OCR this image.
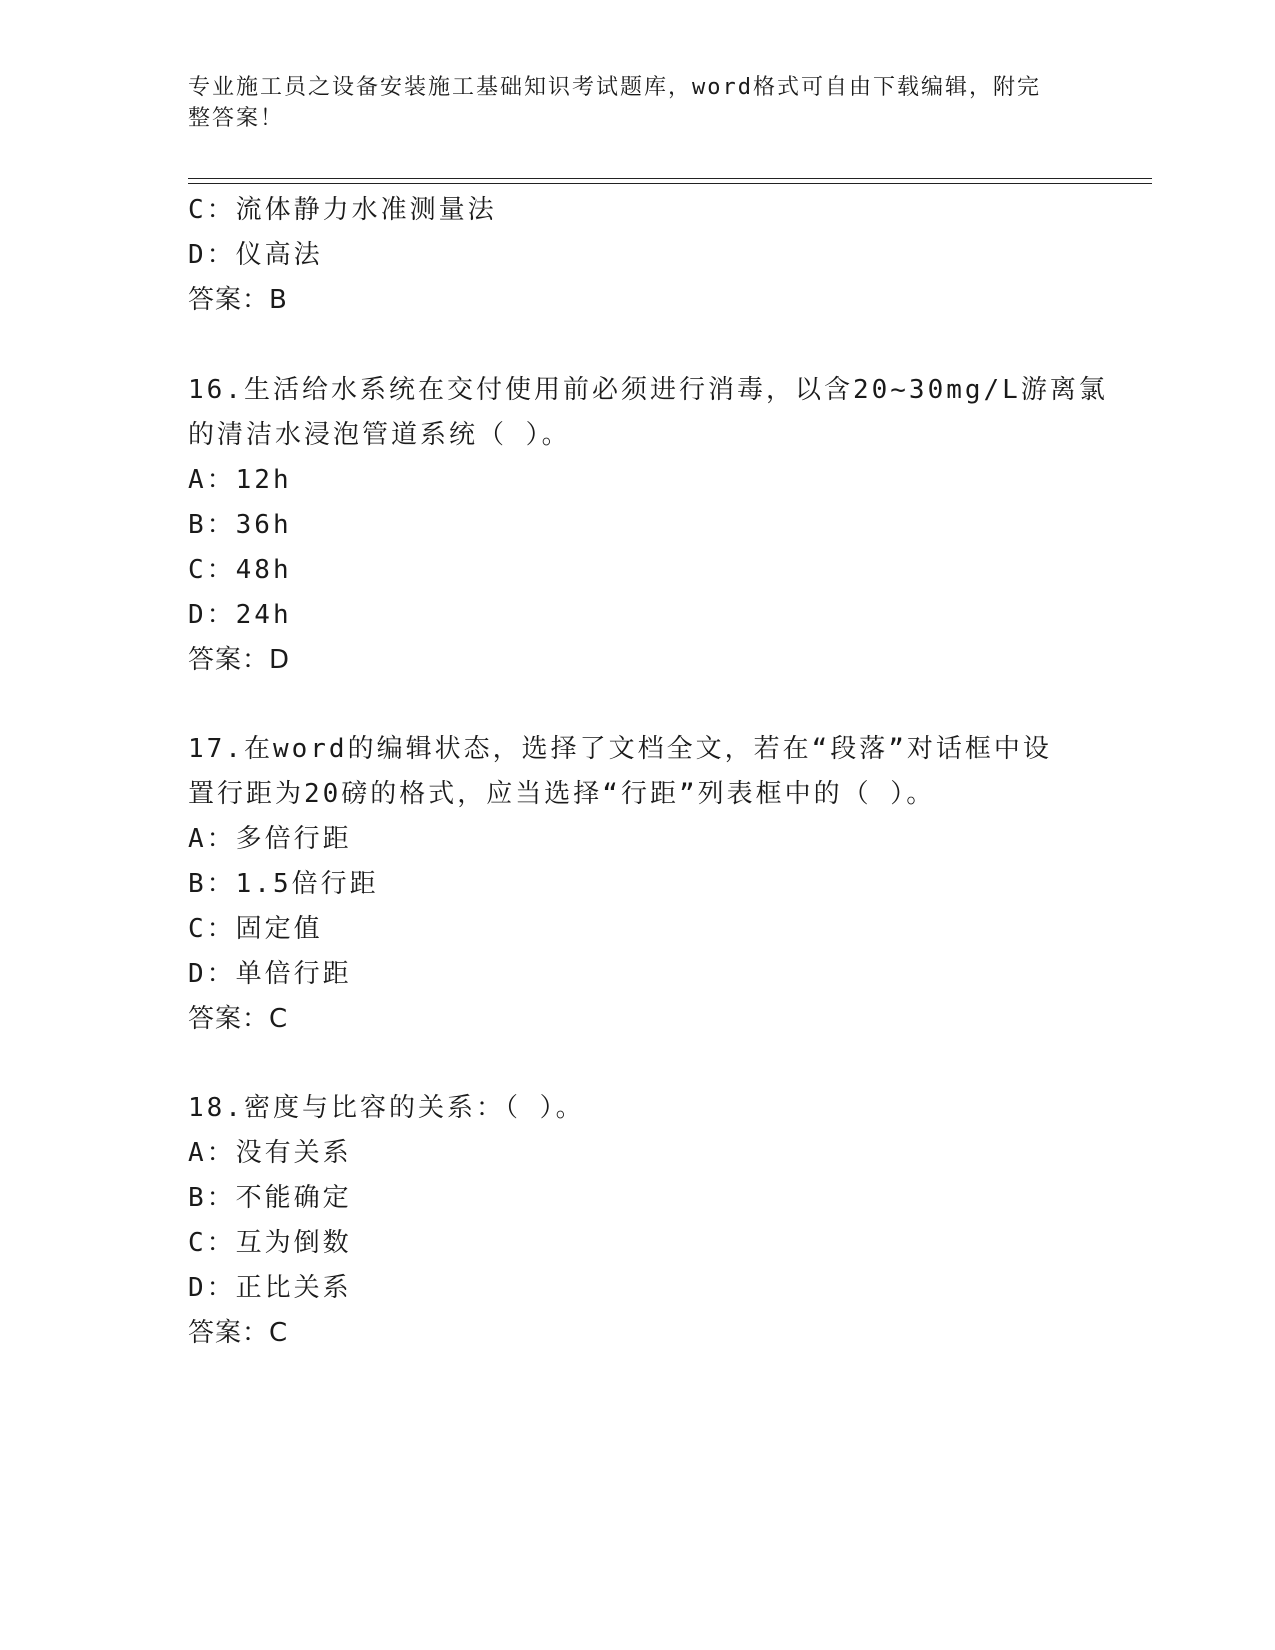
专业施工员之设备安装施工基础知识考试题库，word格式可自由下载编辑，附完
整答案！
C：流体静力水准测量法
D：仪高法
答案：B
16.生活给水系统在交付使用前必须进行消毒，以含20~30mg/L游离氯
的清洁水浸泡管道系统（ ）。
A：12h
B：36h
C：48h
D：24h
答案：D
17.在word的编辑状态，选择了文档全文，若在“段落”对话框中设
置行距为20磅的格式，应当选择“行距”列表框中的（ ）。
A：多倍行距
B：1.5倍行距
C：固定值
D：单倍行距
答案：C
18.密度与比容的关系：（ ）。
A：没有关系
B：不能确定
C：互为倒数
D：正比关系
答案：C
